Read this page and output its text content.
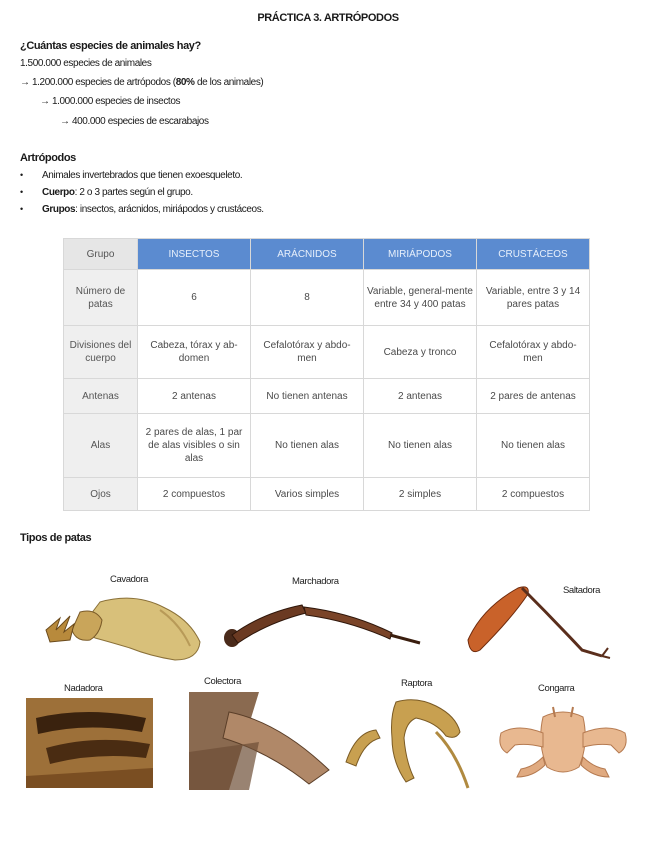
PRÁCTICA 3. ARTRÓPODOS
¿Cuántas especies de animales hay?
1.500.000 especies de animales
→ 1.200.000 especies de artrópodos (80% de los animales)
→ 1.000.000 especies de insectos
→ 400.000 especies de escarabajos
Artrópodos
• Animales invertebrados que tienen exoesqueleto.
• Cuerpo: 2 o 3 partes según el grupo.
• Grupos: insectos, arácnidos, miriápodos y crustáceos.
Grupo	INSECTOS	ARÁCNIDOS	MIRIÁPODOS	CRUSTÁCEOS
Número de patas	6	8	Variable, general-mente entre 34 y 400 patas	Variable, entre 3 y 14 pares patas
Divisiones del cuerpo	Cabeza, tórax y ab-domen	Cefalotórax y abdo-men	Cabeza y tronco	Cefalotórax y abdo-men
Antenas	2 antenas	No tienen antenas	2 antenas	2 pares de antenas
Alas	2 pares de alas, 1 par de alas visibles o sin alas	No tienen alas	No tienen alas	No tienen alas
Ojos	2 compuestos	Varios simples	2 simples	2 compuestos
Tipos de patas
Cavadora	Marchadora
Saltadora
Nadadora
Colectora	Raptora	Congarra
